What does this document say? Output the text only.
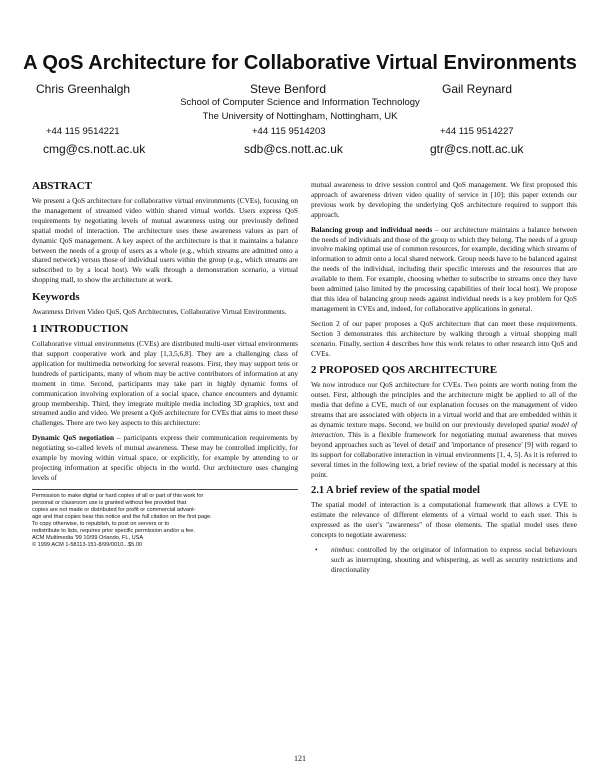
A QoS Architecture for Collaborative Virtual Environments
Chris Greenhalgh	Steve Benford	Gail Reynard
School of Computer Science and Information Technology
The University of Nottingham, Nottingham, UK
+44 115 9514221	+44 115 9514203	+44 115 9514227
cmg@cs.nott.ac.uk	sdb@cs.nott.ac.uk	gtr@cs.nott.ac.uk
ABSTRACT

We present a QoS architecture for collaborative virtual environments (CVEs), focusing on the management of streamed video within shared virtual worlds. Users express QoS requirements by negotiating levels of mutual awareness using our previously defined spatial model of interaction. The architecture uses these awareness values as part of dynamic QoS management. A key aspect of the architecture is that it maintains a balance between the needs of a group of users as a whole (e.g., which streams are admitted onto a shared network) versus those of individual users within the group (e.g., which streams are subscribed to by a local host). We walk through a demonstration scenario, a virtual shopping mall, to show the architecture at work.

Keywords

Awareness Driven Video QoS, QoS Architectures, Collaborative Virtual Environments.

1 INTRODUCTION

Collaborative virtual environments (CVEs) are distributed multi-user virtual environments that support cooperative work and play [1,3,5,6,8]. They are a challenging class of application for multimedia networking for several reasons. First, they may support tens or hundreds of participants, many of whom may be active contributors of information at any moment in time. Second, participants may take part in highly dynamic forms of communication involving exploration of a social space, chance encounters and dynamic group membership. Third, they integrate multiple media including 3D graphics, text and streamed audio and video. We present a QoS architecture for CVEs that aims to meet these challenges. There are two key aspects to this architecture:

Dynamic QoS negotiation – participants express their communication requirements by negotiating so-called levels of mutual awareness. These may be controlled implicitly, for example by moving within virtual space, or explicitly, for example by attending to or projecting information at specific objects in the world. Our architecture uses changing levels of

Permission to make digital or hard copies of all or part of this work for

personal or classroom use is granted without fee provided that

copies are not made or distributed for profit or commercial advant-

age and that copies bear this notice and the full citation on the first page.

To copy otherwise, to republish, to post on servers or to

redistribute to lists, requires prior specific permission and/or a fee.

ACM Multimedia '99 10/99 Orlando, FL, USA

© 1999 ACM 1-58113-151-8/99/0010...$5.00

mutual awareness to drive session control and QoS management. We first proposed this approach of awareness driven video quality of service in [10]; this paper extends our previous work by developing the underlying QoS architecture required to support this approach.

Balancing group and individual needs – our architecture maintains a balance between the needs of individuals and those of the group to which they belong. The needs of a group involve making optimal use of common resources, for example, deciding which streams of information to admit onto a local shared network. Group needs have to be balanced against the needs of the individual, including their specific interests and the resources that are available to them. For example, choosing whether to subscribe to streams once they have been admitted (also limited by the processing capabilities of their local host). We propose that this idea of balancing group needs against individual needs is a key problem for QoS management in CVEs and, indeed, for collaborative applications in general.

Section 2 of our paper proposes a QoS architecture that can meet these requirements. Section 3 demonstrates this architecture by walking through a virtual shopping mall scenario. Finally, section 4 describes how this work relates to other research into QoS and CVEs.

2 PROPOSED QOS ARCHITECTURE

We now introduce our QoS architecture for CVEs. Two points are worth noting from the outset. First, although the principles and the architecture might be applied to all of the media that define a CVE, much of our explanation focuses on the management of video streams that are associated with objects in a virtual world and that are embedded within it as dynamic texture maps. Second, we build on our previously developed spatial model of interaction. This is a flexible framework for negotiating mutual awareness that moves beyond approaches such as 'level of detail' and 'importance of presence' [9] with regard to its support for collaborative interaction in virtual environments [1, 4, 5]. As it is referred to several times in the following text, a brief review of the spatial model is necessary at this point.

2.1 A brief review of the spatial model

The spatial model of interaction is a computational framework that allows a CVE to estimate the relevance of different elements of a virtual world to each user. This is expressed as the user's "awareness" of those elements. The spatial model uses three concepts to negotiate awareness:

•	nimbus: controlled by the originator of information to express social behaviours such as interrupting, shouting and whispering, as well as security restrictions and directionality
121
